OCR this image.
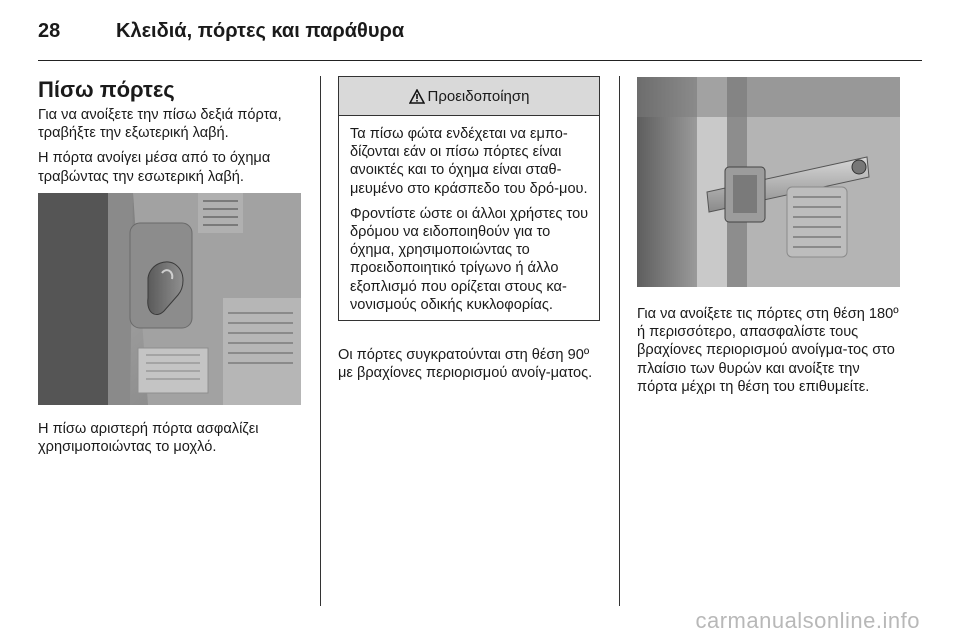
28	Κλειδιά, πόρτες και παράθυρα
Πίσω πόρτες

Για να ανοίξετε την πίσω δεξιά πόρτα, τραβήξτε την εξωτερική λαβή.

Η πόρτα ανοίγει μέσα από το όχημα τραβώντας την εσωτερική λαβή.

Η πίσω αριστερή πόρτα ασφαλίζει χρησιμοποιώντας το μοχλό.

Προειδοποίηση

Τα πίσω φώτα ενδέχεται να εμπο-δίζονται εάν οι πίσω πόρτες είναι ανοικτές και το όχημα είναι σταθ-μευμένο στο κράσπεδο του δρό-μου.

Φροντίστε ώστε οι άλλοι χρήστες του δρόμου να ειδοποιηθούν για το όχημα, χρησιμοποιώντας το προειδοποιητικό τρίγωνο ή άλλο εξοπλισμό που ορίζεται στους κα-νονισμούς οδικής κυκλοφορίας.

Οι πόρτες συγκρατούνται στη θέση 90º με βραχίονες περιορισμού ανοίγ-ματος.

Για να ανοίξετε τις πόρτες στη θέση 180º ή περισσότερο, απασφαλίστε τους βραχίονες περιορισμού ανοίγμα-τος στο πλαίσιο των θυρών και ανοίξτε την πόρτα μέχρι τη θέση του επιθυμείτε.

carmanualsonline.info
